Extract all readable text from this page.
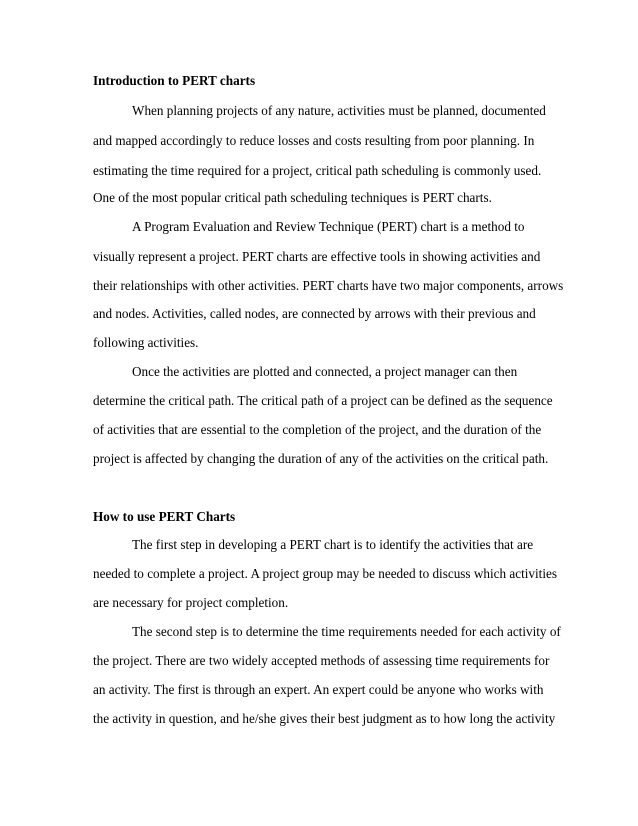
Introduction to PERT charts
When planning projects of any nature, activities must be planned, documented
and mapped accordingly to reduce losses and costs resulting from poor planning. In
estimating the time required for a project, critical path scheduling is commonly used.
One of the most popular critical path scheduling techniques is PERT charts.
A Program Evaluation and Review Technique (PERT) chart is a method to
visually represent a project. PERT charts are effective tools in showing activities and
their relationships with other activities. PERT charts have two major components, arrows
and nodes. Activities, called nodes, are connected by arrows with their previous and
following activities.
Once the activities are plotted and connected, a project manager can then
determine the critical path. The critical path of a project can be defined as the sequence
of activities that are essential to the completion of the project, and the duration of the
project is affected by changing the duration of any of the activities on the critical path.
How to use PERT Charts
The first step in developing a PERT chart is to identify the activities that are
needed to complete a project. A project group may be needed to discuss which activities
are necessary for project completion.
The second step is to determine the time requirements needed for each activity of
the project. There are two widely accepted methods of assessing time requirements for
an activity. The first is through an expert. An expert could be anyone who works with
the activity in question, and he/she gives their best judgment as to how long the activity
